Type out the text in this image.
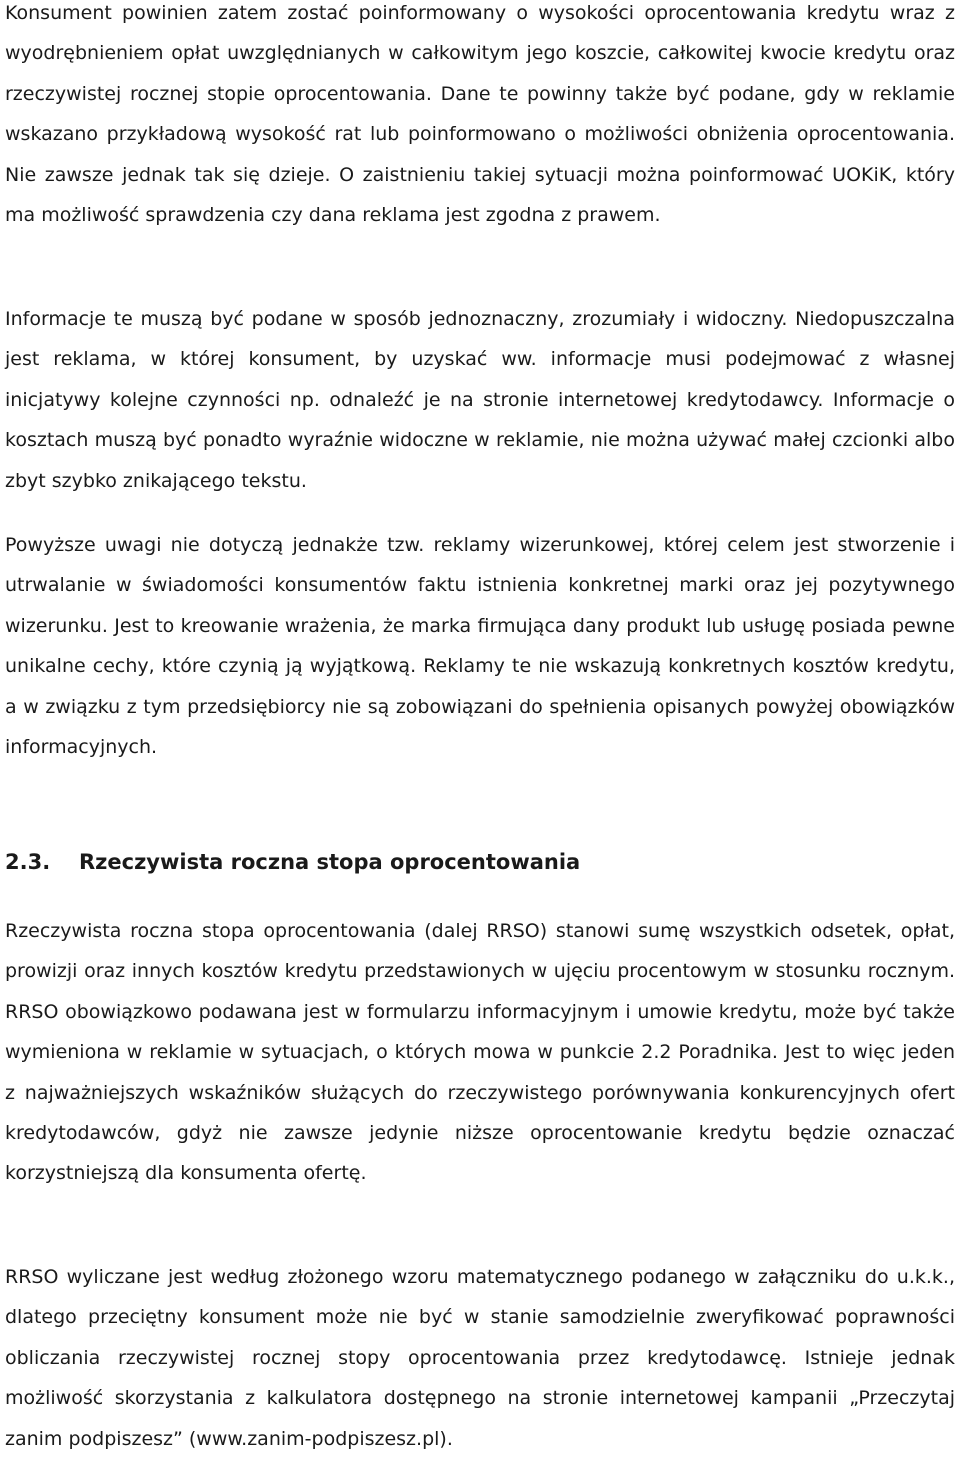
Konsument powinien zatem zostać poinformowany o wysokości oprocentowania kredytu wraz z wyodrębnieniem opłat uwzględnianych w całkowitym jego koszcie, całkowitej kwocie kredytu oraz rzeczywistej rocznej stopie oprocentowania. Dane te powinny także być podane, gdy w reklamie wskazano przykładową wysokość rat lub poinformowano o możliwości obniżenia oprocentowania. Nie zawsze jednak tak się dzieje. O zaistnieniu takiej sytuacji można poinformować UOKiK, który ma możliwość sprawdzenia czy dana reklama jest zgodna z prawem.

Informacje te muszą być podane w sposób jednoznaczny, zrozumiały i widoczny. Niedopuszczalna jest reklama, w której konsument, by uzyskać ww. informacje musi podejmować z własnej inicjatywy kolejne czynności np. odnaleźć je na stronie internetowej kredytodawcy. Informacje o kosztach muszą być ponadto wyraźnie widoczne w reklamie, nie można używać małej czcionki albo zbyt szybko znikającego tekstu.

Powyższe uwagi nie dotyczą jednakże tzw. reklamy wizerunkowej, której celem jest stworzenie i utrwalanie w świadomości konsumentów faktu istnienia konkretnej marki oraz jej pozytywnego wizerunku. Jest to kreowanie wrażenia, że marka firmująca dany produkt lub usługę posiada pewne unikalne cechy, które czynią ją wyjątkową. Reklamy te nie wskazują konkretnych kosztów kredytu, a w związku z tym przedsiębiorcy nie są zobowiązani do spełnienia opisanych powyżej obowiązków informacyjnych.

2.3. Rzeczywista roczna stopa oprocentowania

Rzeczywista roczna stopa oprocentowania (dalej RRSO) stanowi sumę wszystkich odsetek, opłat, prowizji oraz innych kosztów kredytu przedstawionych w ujęciu procentowym w stosunku rocznym. RRSO obowiązkowo podawana jest w formularzu informacyjnym i umowie kredytu, może być także wymieniona w reklamie w sytuacjach, o których mowa w punkcie 2.2 Poradnika. Jest to więc jeden z najważniejszych wskaźników służących do rzeczywistego porównywania konkurencyjnych ofert kredytodawców, gdyż nie zawsze jedynie niższe oprocentowanie kredytu będzie oznaczać korzystniejszą dla konsumenta ofertę.

RRSO wyliczane jest według złożonego wzoru matematycznego podanego w załączniku do u.k.k., dlatego przeciętny konsument może nie być w stanie samodzielnie zweryfikować poprawności obliczania rzeczywistej rocznej stopy oprocentowania przez kredytodawcę. Istnieje jednak możliwość skorzystania z kalkulatora dostępnego na stronie internetowej kampanii „Przeczytaj zanim podpiszesz” (www.zanim-podpiszesz.pl).
